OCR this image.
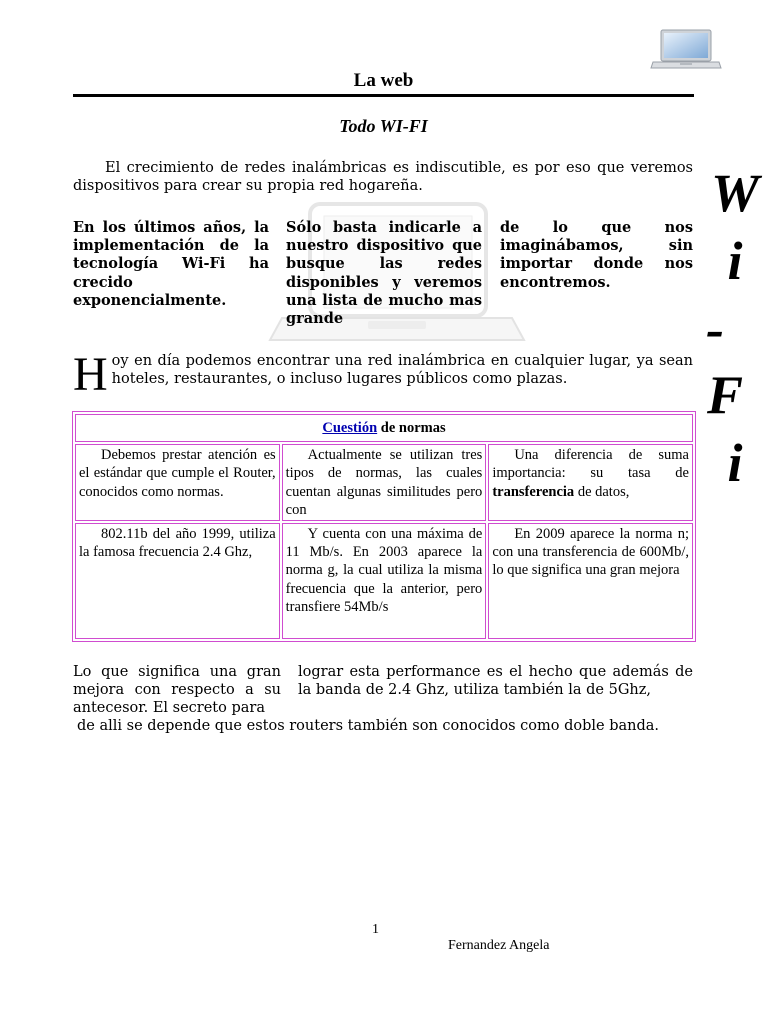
La web
Todo WI-FI
El crecimiento de redes inalámbricas es indiscutible, es por eso que veremos dispositivos para crear su propia red hogareña.
En los últimos años, la implementación de la tecnología Wi-Fi ha crecido exponencialmente.
Sólo basta indicarle a nuestro dispositivo que busque las redes disponibles y veremos una lista de mucho mas grande
de lo que nos imaginábamos, sin importar donde nos encontremos.
Hoy en día podemos encontrar una red inalámbrica en cualquier lugar, ya sean hoteles, restaurantes, o incluso lugares públicos como plazas.
W
i
-
F
i
Cuestión de normas		
Debemos prestar atención es el estándar que cumple el Router, conocidos como normas.	Actualmente se utilizan tres tipos de normas, las cuales cuentan algunas similitudes pero con	Una diferencia de suma importancia: su tasa de transferencia de datos,
802.11b del año 1999, utiliza la famosa frecuencia 2.4 Ghz,	Y cuenta con una máxima de 11 Mb/s. En 2003 aparece la norma g, la cual utiliza la misma frecuencia que la anterior, pero transfiere 54Mb/s	En 2009 aparece la norma n; con una transferencia de 600Mb/, lo que significa una gran mejora
Lo que significa una gran mejora con respecto a su antecesor. El secreto para
lograr esta performance es el hecho que además de la banda de 2.4 Ghz, utiliza también la de 5Ghz,
de alli se depende que estos routers también son conocidos como doble banda.
1
Fernandez Angela
